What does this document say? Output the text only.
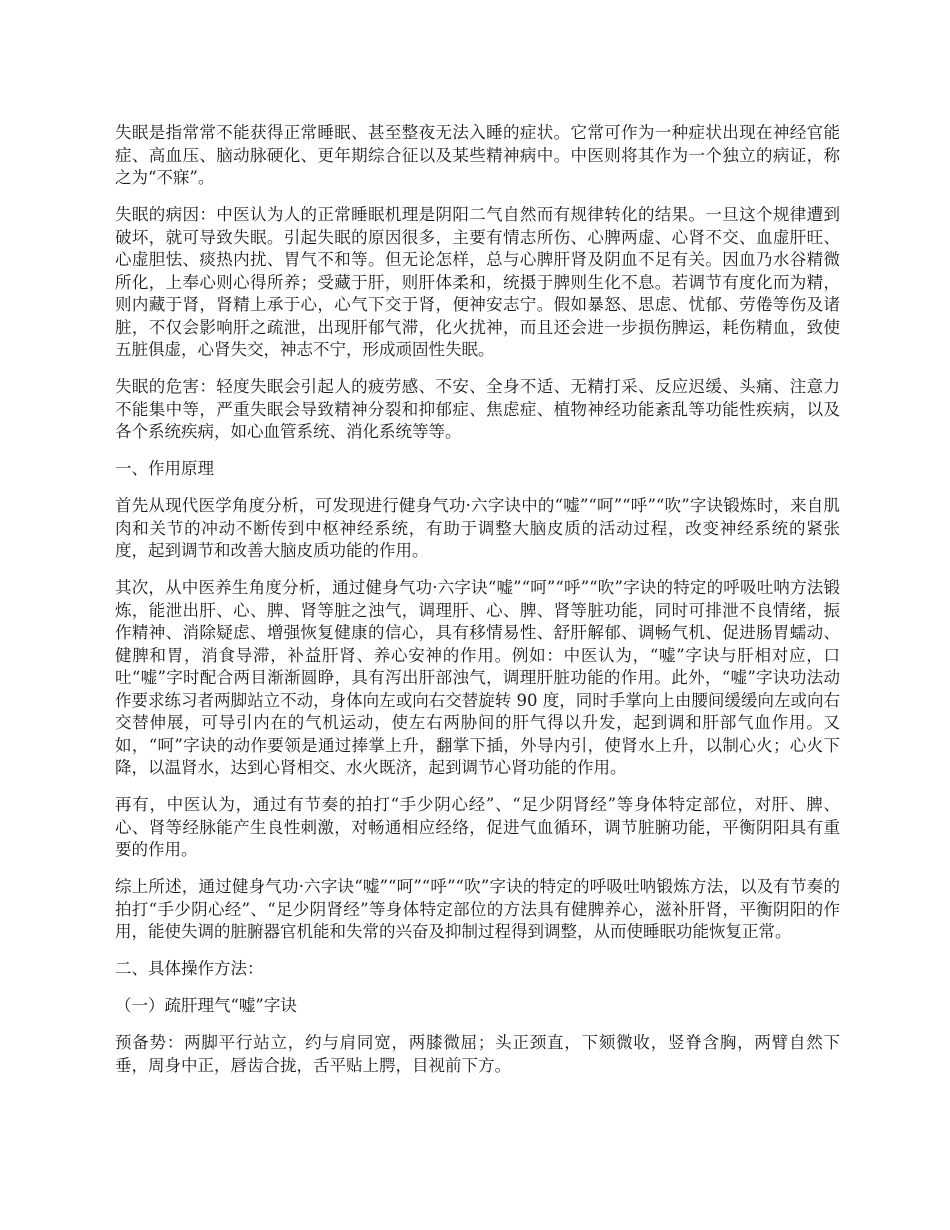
失眠是指常常不能获得正常睡眠、甚至整夜无法入睡的症状。它常可作为一种症状出现在神经官能症、高血压、脑动脉硬化、更年期综合征以及某些精神病中。中医则将其作为一个独立的病证，称之为“不寐”。

失眠的病因：中医认为人的正常睡眠机理是阴阳二气自然而有规律转化的结果。一旦这个规律遭到破坏，就可导致失眠。引起失眠的原因很多，主要有情志所伤、心脾两虚、心肾不交、血虚肝旺、心虚胆怯、痰热内扰、胃气不和等。但无论怎样，总与心脾肝肾及阴血不足有关。因血乃水谷精微所化，上奉心则心得所养；受藏于肝，则肝体柔和，统摄于脾则生化不息。若调节有度化而为精，则内藏于肾，肾精上承于心，心气下交于肾，便神安志宁。假如暴怒、思虑、忧郁、劳倦等伤及诸脏，不仅会影响肝之疏泄，出现肝郁气滞，化火扰神，而且还会进一步损伤脾运，耗伤精血，致使五脏俱虚，心肾失交，神志不宁，形成顽固性失眠。

失眠的危害：轻度失眠会引起人的疲劳感、不安、全身不适、无精打采、反应迟缓、头痛、注意力不能集中等，严重失眠会导致精神分裂和抑郁症、焦虑症、植物神经功能紊乱等功能性疾病，以及各个系统疾病，如心血管系统、消化系统等等。

一、作用原理

首先从现代医学角度分析，可发现进行健身气功·六字诀中的“嘘”“呵”“呼”“吹”字诀锻炼时，来自肌肉和关节的冲动不断传到中枢神经系统，有助于调整大脑皮质的活动过程，改变神经系统的紧张度，起到调节和改善大脑皮质功能的作用。

其次，从中医养生角度分析，通过健身气功·六字诀“嘘”“呵”“呼”“吹”字诀的特定的呼吸吐呐方法锻炼，能泄出肝、心、脾、肾等脏之浊气，调理肝、心、脾、肾等脏功能，同时可排泄不良情绪，振作精神、消除疑虑、增强恢复健康的信心，具有移情易性、舒肝解郁、调畅气机、促进肠胃蠕动、健脾和胃，消食导滞，补益肝肾、养心安神的作用。例如：中医认为，“嘘”字诀与肝相对应，口吐“嘘”字时配合两目渐渐圆睁，具有泻出肝部浊气，调理肝脏功能的作用。此外，“嘘”字诀功法动作要求练习者两脚站立不动，身体向左或向右交替旋转 90 度，同时手掌向上由腰间缓缓向左或向右交替伸展，可导引内在的气机运动，使左右两胁间的肝气得以升发，起到调和肝部气血作用。又如，“呵”字诀的动作要领是通过捧掌上升，翻掌下插，外导内引，使肾水上升，以制心火；心火下降，以温肾水，达到心肾相交、水火既济，起到调节心肾功能的作用。

再有，中医认为，通过有节奏的拍打“手少阴心经”、“足少阴肾经”等身体特定部位，对肝、脾、心、肾等经脉能产生良性刺激，对畅通相应经络，促进气血循环，调节脏腑功能，平衡阴阳具有重要的作用。

综上所述，通过健身气功·六字诀“嘘”“呵”“呼”“吹”字诀的特定的呼吸吐呐锻炼方法，以及有节奏的拍打“手少阴心经”、“足少阴肾经”等身体特定部位的方法具有健脾养心，滋补肝肾，平衡阴阳的作用，能使失调的脏腑器官机能和失常的兴奋及抑制过程得到调整，从而使睡眠功能恢复正常。

二、具体操作方法：

（一）疏肝理气“嘘”字诀

预备势：两脚平行站立，约与肩同宽，两膝微屈；头正颈直，下颏微收，竖脊含胸，两臂自然下垂，周身中正，唇齿合拢，舌平贴上腭，目视前下方。
